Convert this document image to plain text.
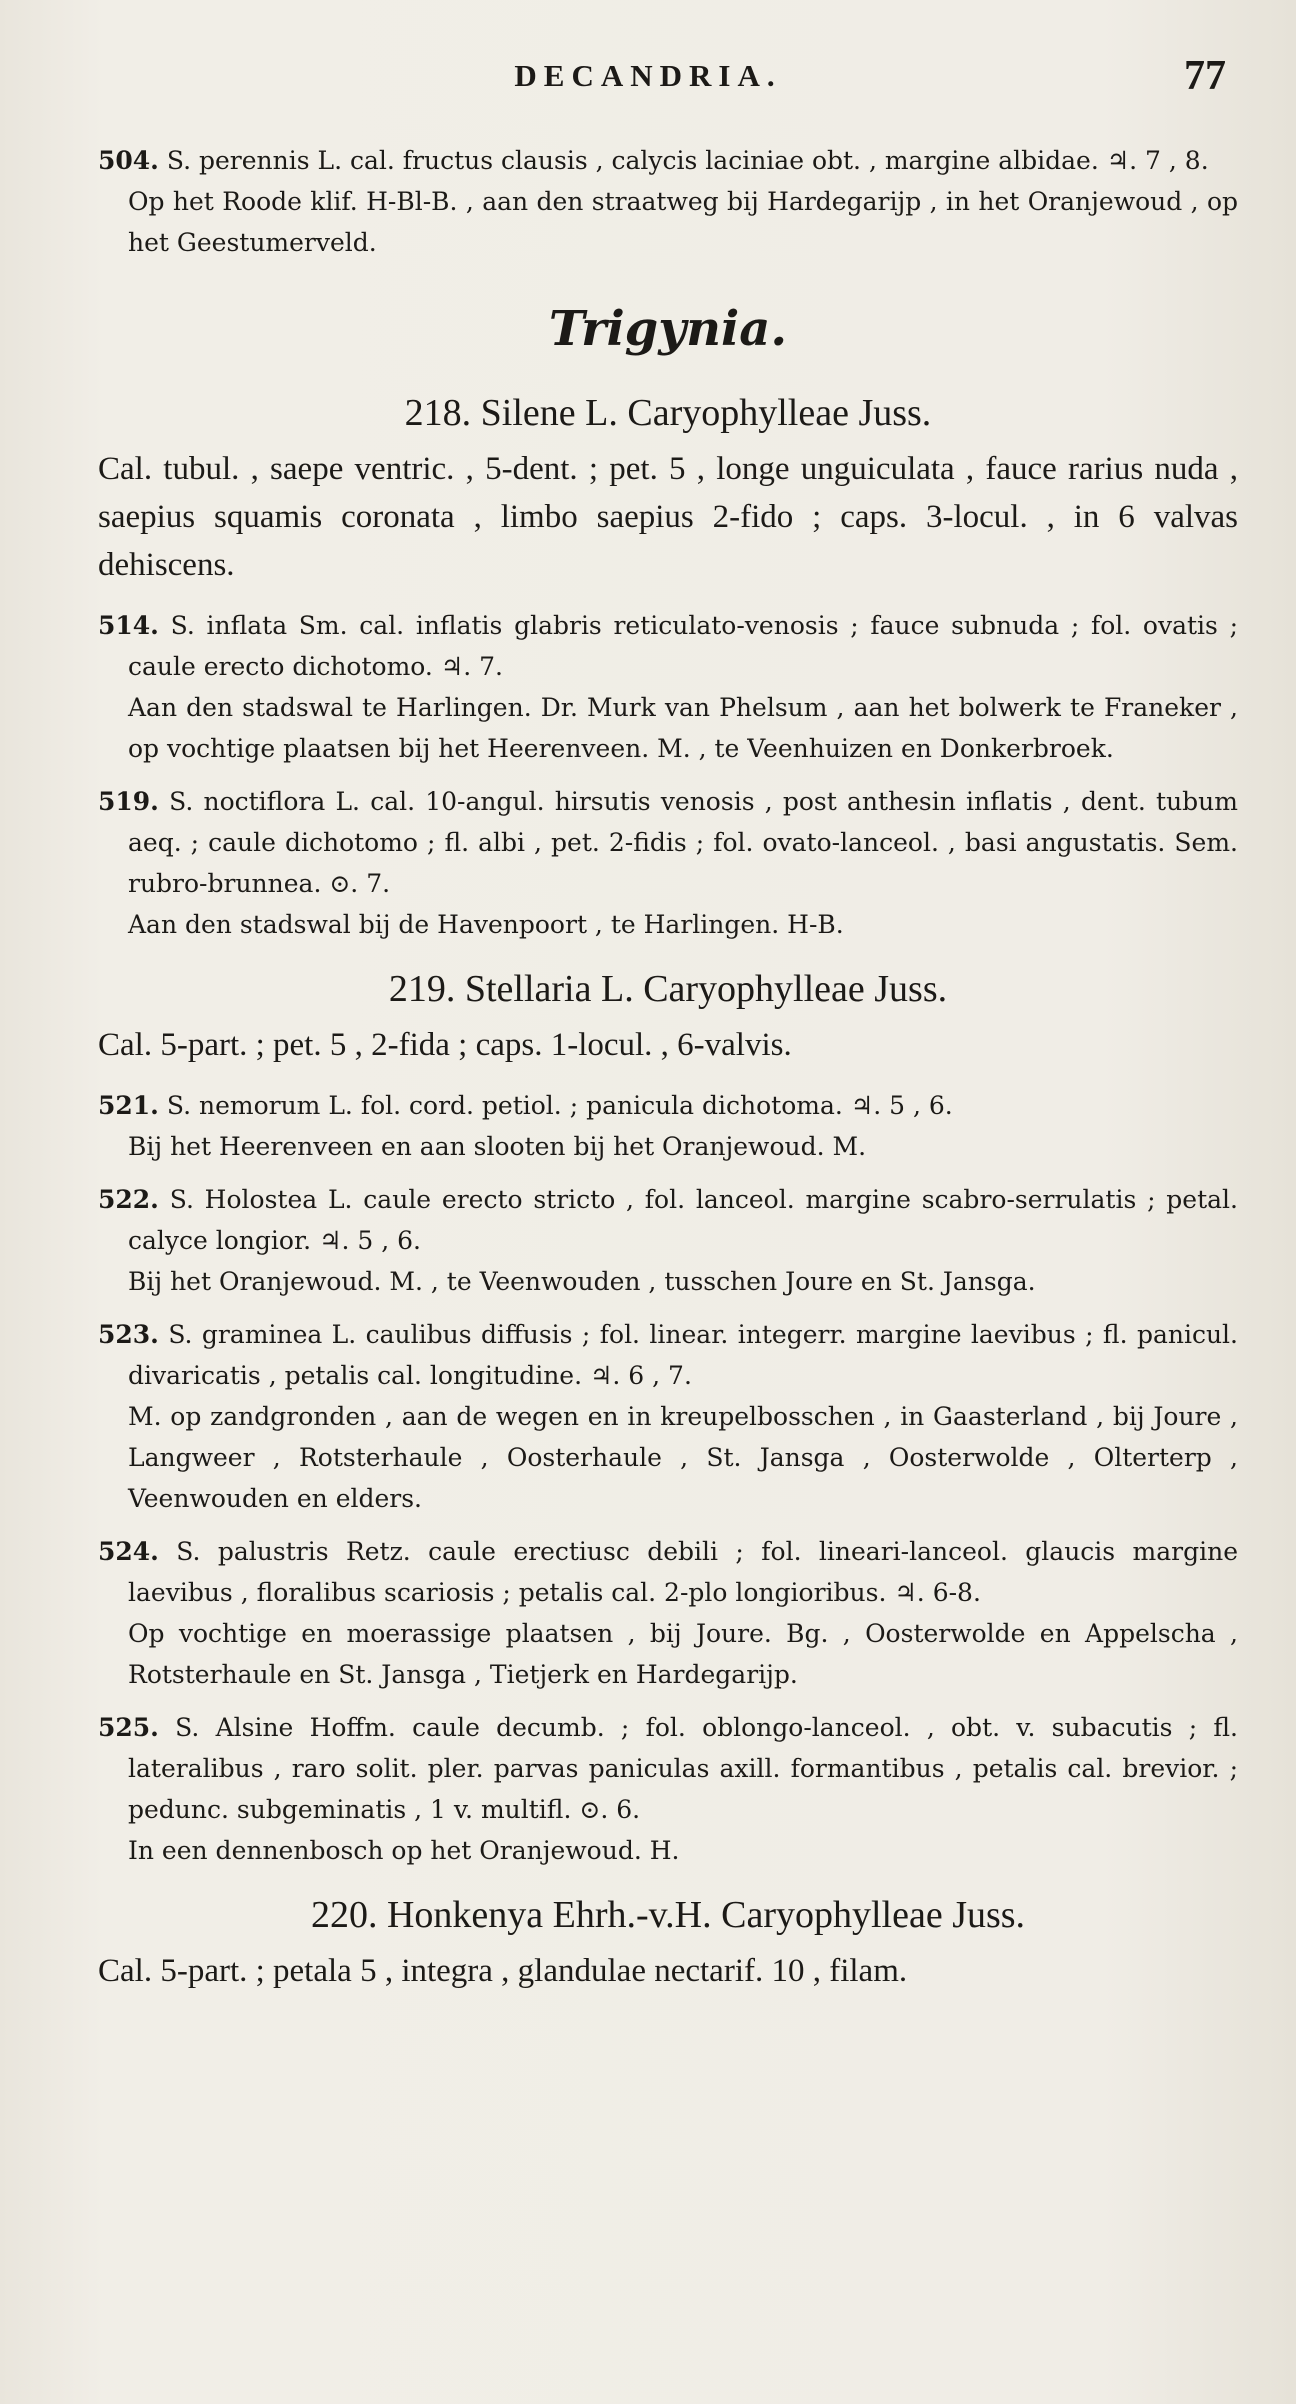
DECANDRIA.	77

504. S. perennis L. cal. fructus clausis , calycis laciniae obt. , margine albidae. ♃. 7 , 8.

Op het Roode klif. H-Bl-B. , aan den straatweg bij Hardegarijp , in het Oranjewoud , op het Geestumerveld.

Trigynia.
218. Silene L. Caryophylleae Juss.

Cal. tubul. , saepe ventric. , 5-dent. ; pet. 5 , longe unguiculata , fauce rarius nuda , saepius squamis coronata , limbo saepius 2-fido ; caps. 3-locul. , in 6 valvas dehiscens.

514. S. inflata Sm. cal. inflatis glabris reticulato-venosis ; fauce subnuda ; fol. ovatis ; caule erecto dichotomo. ♃. 7.

Aan den stadswal te Harlingen. Dr. Murk van Phelsum , aan het bolwerk te Franeker , op vochtige plaatsen bij het Heerenveen. M. , te Veenhuizen en Donkerbroek.

519. S. noctiflora L. cal. 10-angul. hirsutis venosis , post anthesin inflatis , dent. tubum aeq. ; caule dichotomo ; fl. albi , pet. 2-fidis ; fol. ovato-lanceol. , basi angustatis. Sem. rubro-brunnea. ⊙. 7.

Aan den stadswal bij de Havenpoort , te Harlingen. H-B.

219. Stellaria L. Caryophylleae Juss.

Cal. 5-part. ; pet. 5 , 2-fida ; caps. 1-locul. , 6-valvis.

521. S. nemorum L. fol. cord. petiol. ; panicula dichotoma. ♃. 5 , 6.

Bij het Heerenveen en aan slooten bij het Oranjewoud. M.

522. S. Holostea L. caule erecto stricto , fol. lanceol. margine scabro-serrulatis ; petal. calyce longior. ♃. 5 , 6.

Bij het Oranjewoud. M. , te Veenwouden , tusschen Joure en St. Jansga.

523. S. graminea L. caulibus diffusis ; fol. linear. integerr. margine laevibus ; fl. panicul. divaricatis , petalis cal. longitudine. ♃. 6 , 7.

M. op zandgronden , aan de wegen en in kreupelbosschen , in Gaasterland , bij Joure , Langweer , Rotsterhaule , Oosterhaule , St. Jansga , Oosterwolde , Olterterp , Veenwouden en elders.

524. S. palustris Retz. caule erectiusc debili ; fol. lineari-lanceol. glaucis margine laevibus , floralibus scariosis ; petalis cal. 2-plo longioribus. ♃. 6-8.

Op vochtige en moerassige plaatsen , bij Joure. Bg. , Oosterwolde en Appelscha , Rotsterhaule en St. Jansga , Tietjerk en Hardegarijp.

525. S. Alsine Hoffm. caule decumb. ; fol. oblongo-lanceol. , obt. v. subacutis ; fl. lateralibus , raro solit. pler. parvas paniculas axill. formantibus , petalis cal. brevior. ; pedunc. subgeminatis , 1 v. multifl. ⊙. 6.

In een dennenbosch op het Oranjewoud. H.

220. Honkenya Ehrh.-v.H. Caryophylleae Juss.

Cal. 5-part. ; petala 5 , integra , glandulae nectarif. 10 , filam.
